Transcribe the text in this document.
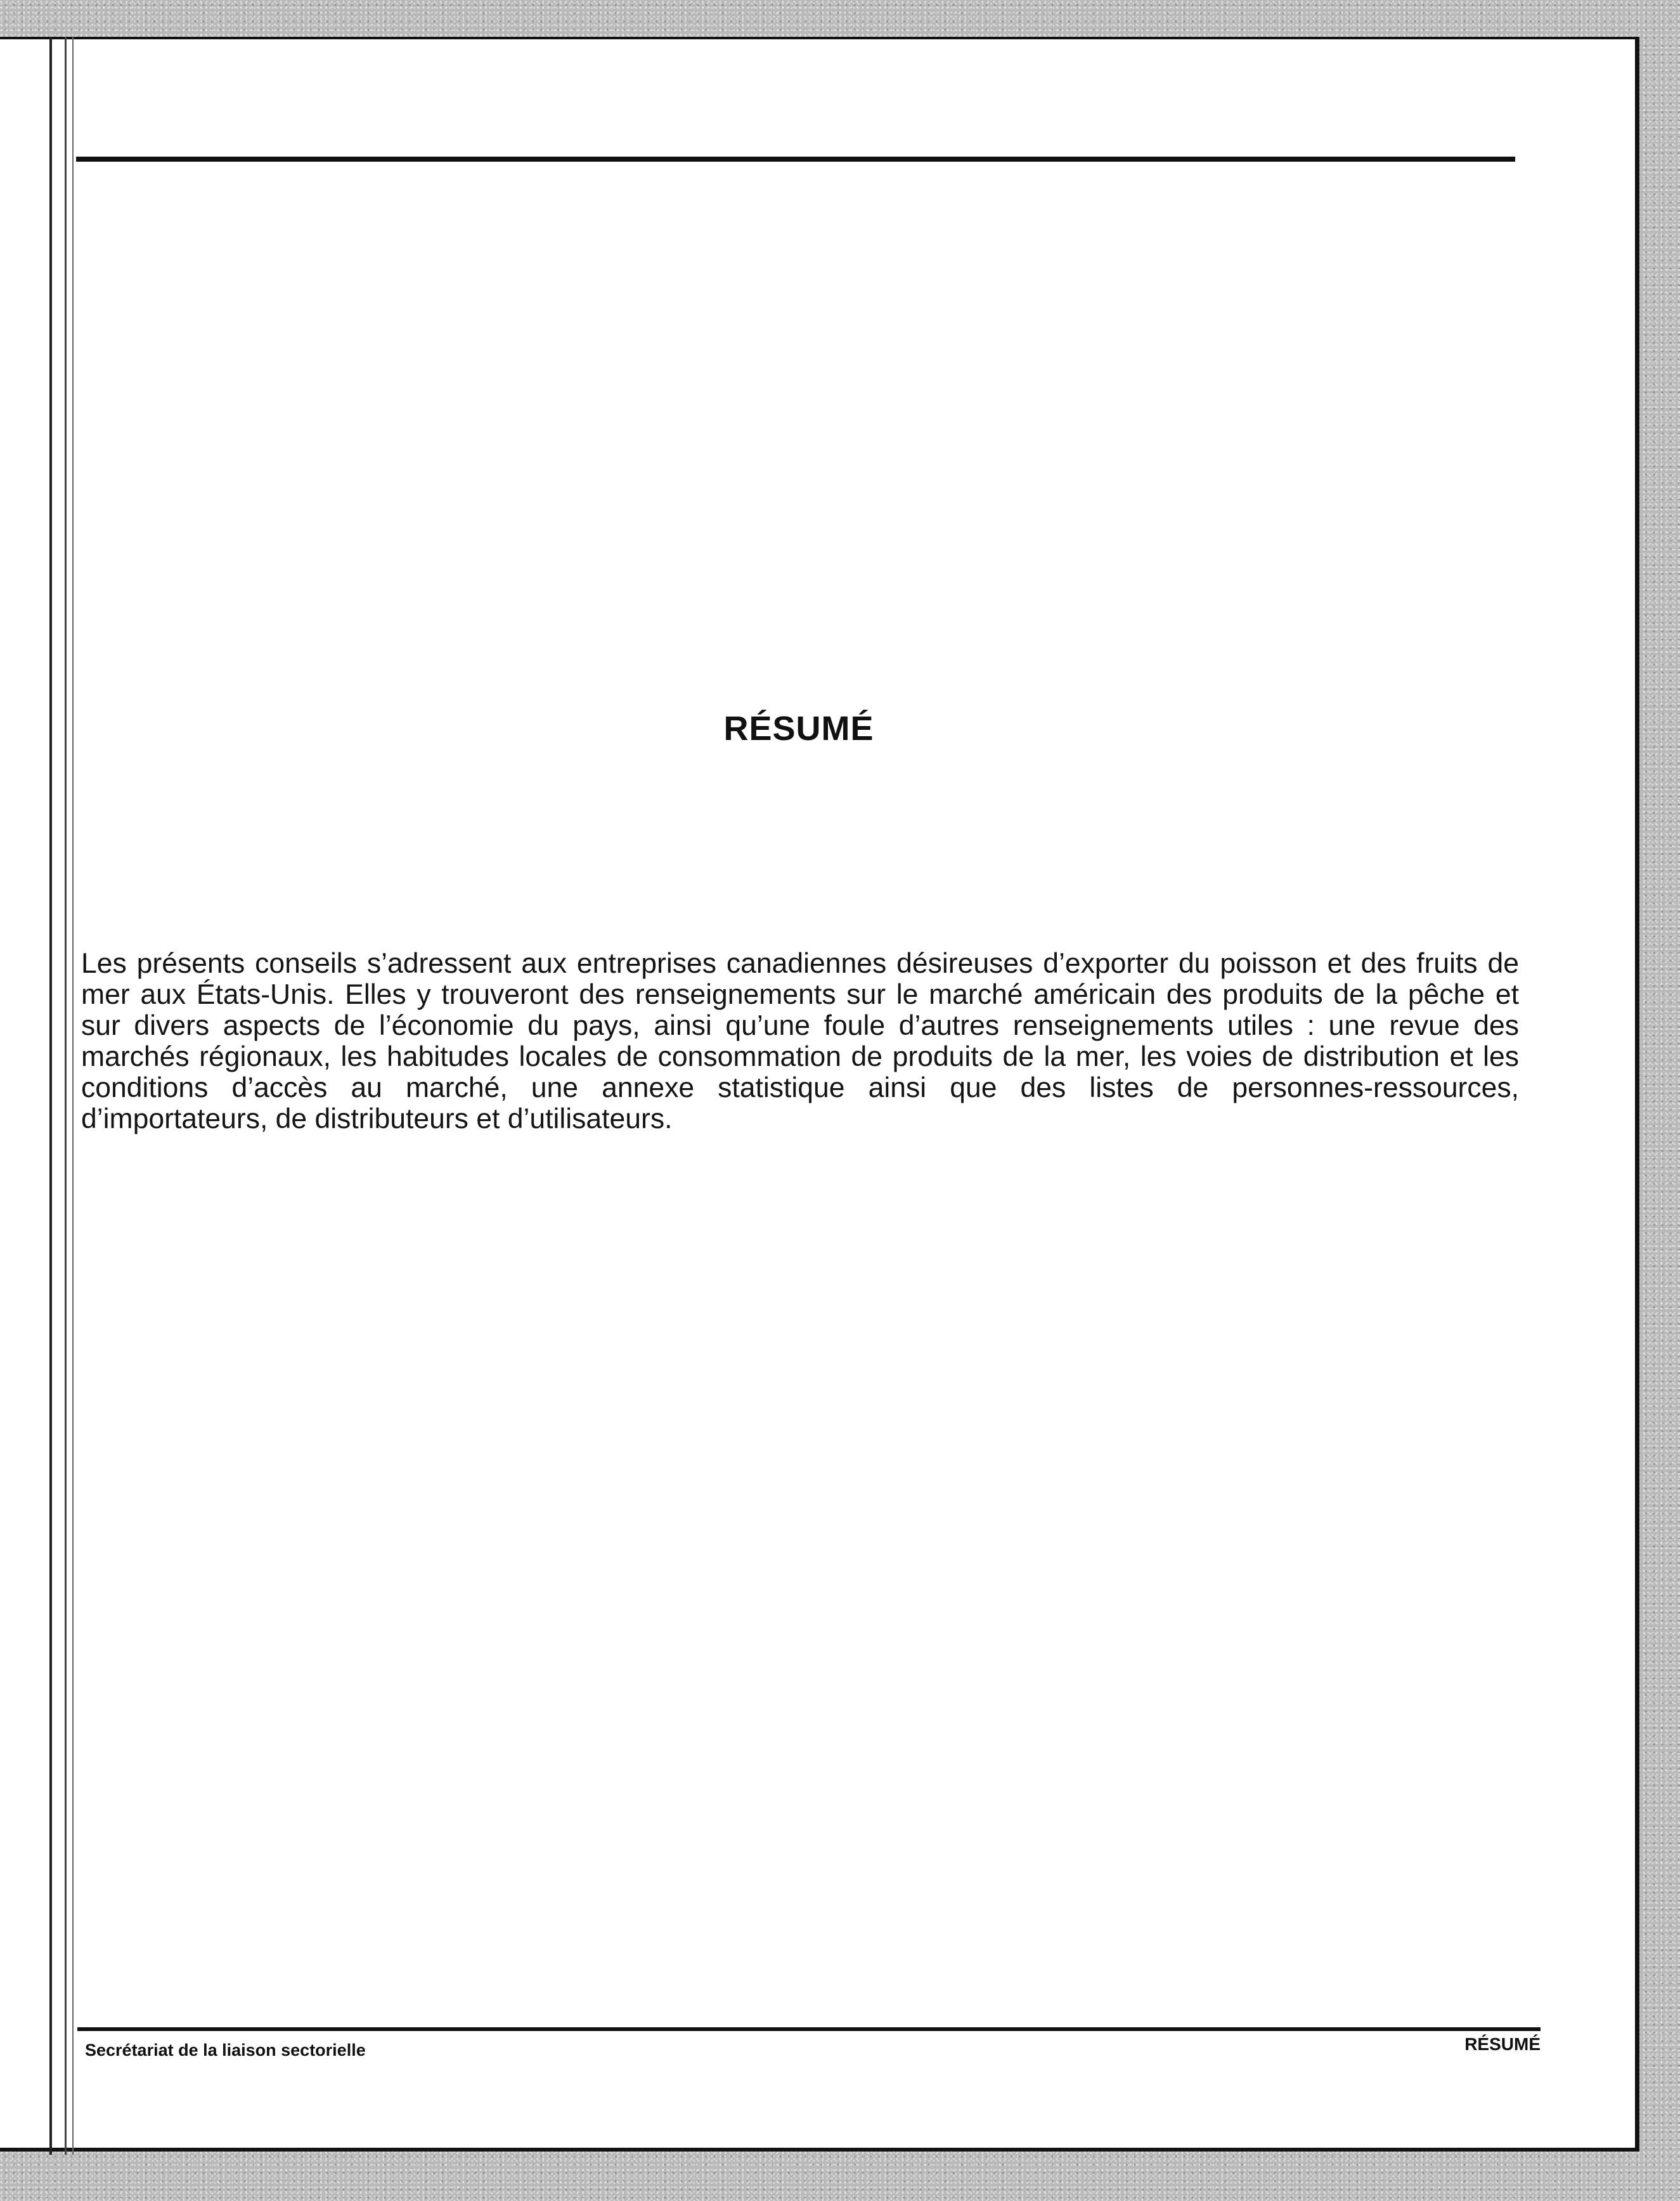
RÉSUMÉ

Les présents conseils s’adressent aux entreprises canadiennes désireuses d’exporter du poisson et des fruits de mer aux États-Unis. Elles y trouveront des renseignements sur le marché américain des produits de la pêche et sur divers aspects de l’économie du pays, ainsi qu’une foule d’autres renseignements utiles : une revue des marchés régionaux, les habitudes locales de consommation de produits de la mer, les voies de distribution et les conditions d’accès au marché, une annexe statistique ainsi que des listes de personnes-ressources, d’importateurs, de distributeurs et d’utilisateurs.

Secrétariat de la liaison sectorielle	RÉSUMÉ
